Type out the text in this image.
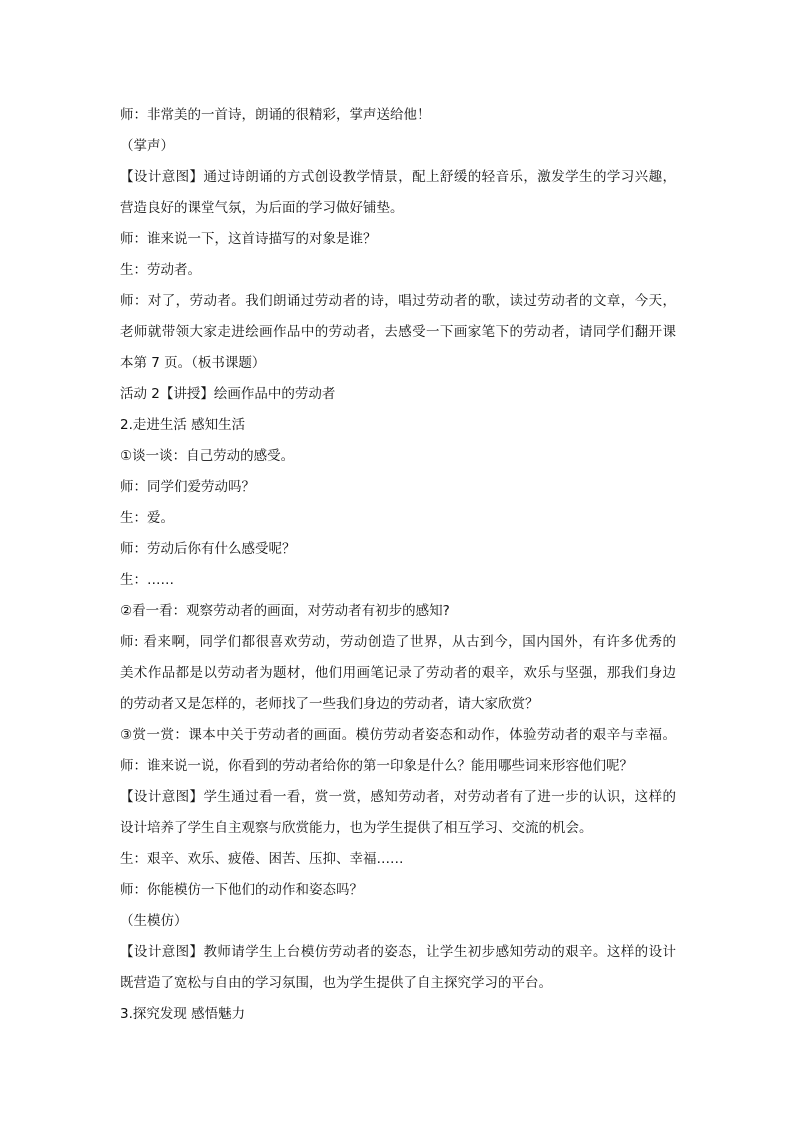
师：非常美的一首诗，朗诵的很精彩，掌声送给他！
（掌声）
【设计意图】通过诗朗诵的方式创设教学情景，配上舒缓的轻音乐，激发学生的学习兴趣，
营造良好的课堂气氛，为后面的学习做好铺垫。
师：谁来说一下，这首诗描写的对象是谁？
生：劳动者。
师：对了，劳动者。我们朗诵过劳动者的诗，唱过劳动者的歌，读过劳动者的文章，今天，
老师就带领大家走进绘画作品中的劳动者，去感受一下画家笔下的劳动者，请同学们翻开课
本第 7 页。（板书课题）
活动 2【讲授】绘画作品中的劳动者
2.走进生活 感知生活
①谈一谈：自己劳动的感受。
师：同学们爱劳动吗？
生：爱。
师：劳动后你有什么感受呢？
生：……
②看一看：观察劳动者的画面，对劳动者有初步的感知?
师: 看来啊，同学们都很喜欢劳动，劳动创造了世界，从古到今，国内国外，有许多优秀的
美术作品都是以劳动者为题材，他们用画笔记录了劳动者的艰辛，欢乐与坚强，那我们身边
的劳动者又是怎样的，老师找了一些我们身边的劳动者，请大家欣赏？
③赏一赏：课本中关于劳动者的画面。模仿劳动者姿态和动作，体验劳动者的艰辛与幸福。
师：谁来说一说，你看到的劳动者给你的第一印象是什么？能用哪些词来形容他们呢？
【设计意图】学生通过看一看，赏一赏，感知劳动者，对劳动者有了进一步的认识，这样的
设计培养了学生自主观察与欣赏能力，也为学生提供了相互学习、交流的机会。
生：艰辛、欢乐、疲倦、困苦、压抑、幸福……
师：你能模仿一下他们的动作和姿态吗？
（生模仿）
【设计意图】教师请学生上台模仿劳动者的姿态，让学生初步感知劳动的艰辛。这样的设计
既营造了宽松与自由的学习氛围，也为学生提供了自主探究学习的平台。
3.探究发现 感悟魅力
